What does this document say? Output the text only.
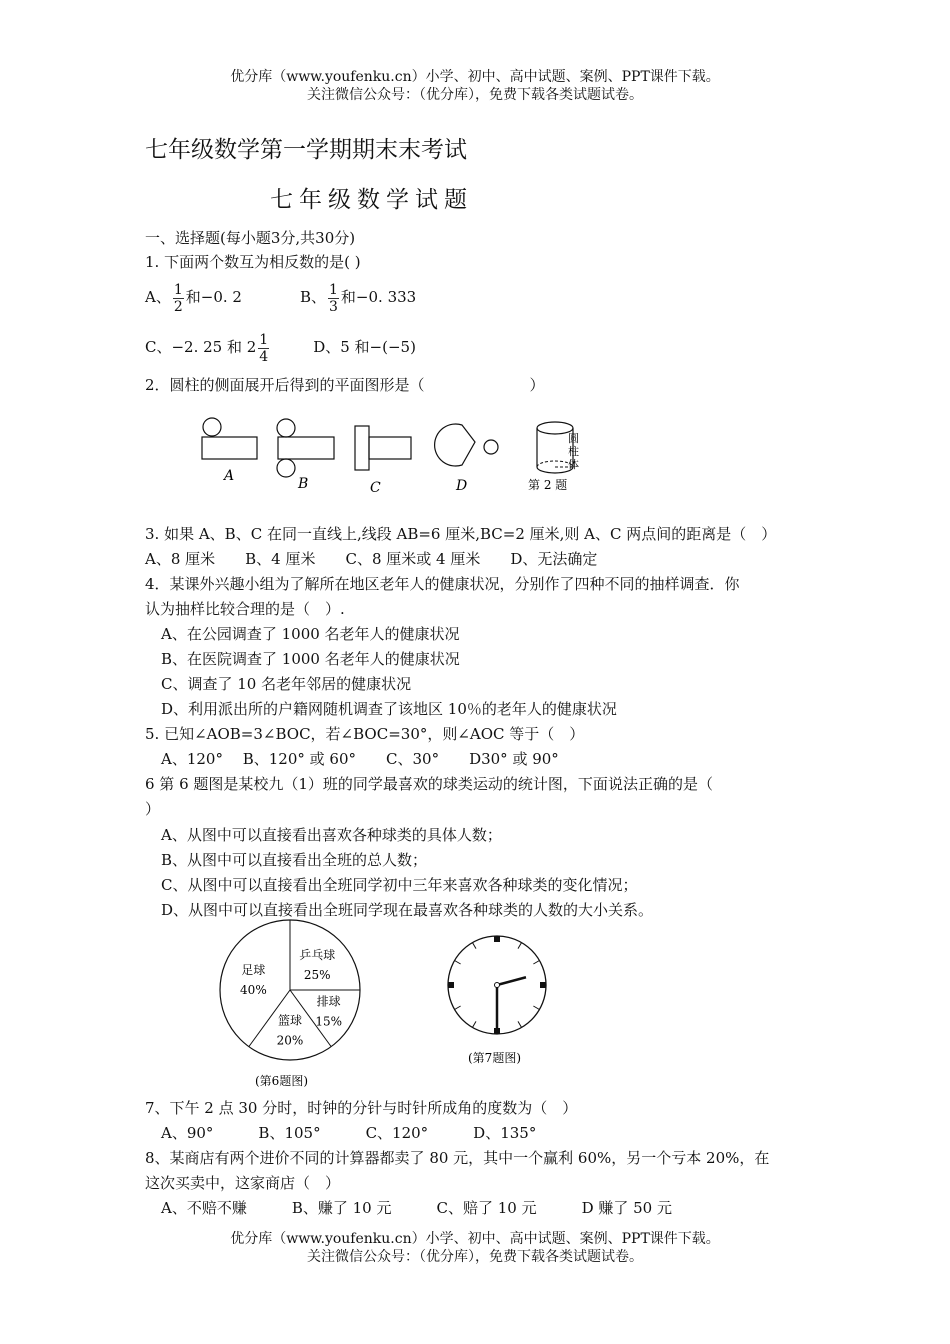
优分库（www.youfenku.cn）小学、初中、高中试题、案例、PPT课件下载。
关注微信公众号：（优分库），免费下载各类试题试卷。
七年级数学第一学期期末末考试
七年级数学试题
一、选择题(每小题3分,共30分)
1. 下面两个数互为相反数的是( )
A、 $\frac{1}{2}$ 和−0. 2	B、 $\frac{1}{3}$ 和−0. 333
C、−2. 25 和 $2 \frac{1}{4}$	D、5 和−(−5)
2．圆柱的侧面展开后得到的平面图形是（　　　　　　　）
A	B	C	D
圆
柱
体
第 2 题
3. 如果 A、B、C 在同一直线上,线段 AB=6 厘米,BC=2 厘米,则 A、C 两点间的距离是（　）
A、8 厘米　　B、4 厘米　　C、8 厘米或 4 厘米　　D、无法确定
4．某课外兴趣小组为了解所在地区老年人的健康状况，分别作了四种不同的抽样调查．你
认为抽样比较合理的是（　）.
A、在公园调查了 1000 名老年人的健康状况
B、在医院调查了 1000 名老年人的健康状况
C、调查了 10 名老年邻居的健康状况
D、利用派出所的户籍网随机调查了该地区 10％的老年人的健康状况
5. 已知∠AOB=3∠BOC，若∠BOC=30°，则∠AOC 等于（　）
A、120°　 B、120° 或 60°　　C、30°　　D30° 或 90°
6 第 6 题图是某校九（1）班的同学最喜欢的球类运动的统计图，下面说法正确的是（
）
A、从图中可以直接看出喜欢各种球类的具体人数；
B、从图中可以直接看出全班的总人数；
C、从图中可以直接看出全班同学初中三年来喜欢各种球类的变化情况；
D、从图中可以直接看出全班同学现在最喜欢各种球类的人数的大小关系。
乒乓球
25%
排球
15%
篮球
20%
足球
40%
(第6题图)
(第7题图)
7、下午 2 点 30 分时，时钟的分针与时针所成角的度数为（　）
A、90°　　　B、105°　　　C、120°　　　D、135°
8、某商店有两个进价不同的计算器都卖了 80 元，其中一个赢利 60%，另一个亏本 20%，在
这次买卖中，这家商店（　）
A、不赔不赚　　　B、赚了 10 元　　　C、赔了 10 元　　　D 赚了 50 元
优分库（www.youfenku.cn）小学、初中、高中试题、案例、PPT课件下载。
关注微信公众号：（优分库），免费下载各类试题试卷。
